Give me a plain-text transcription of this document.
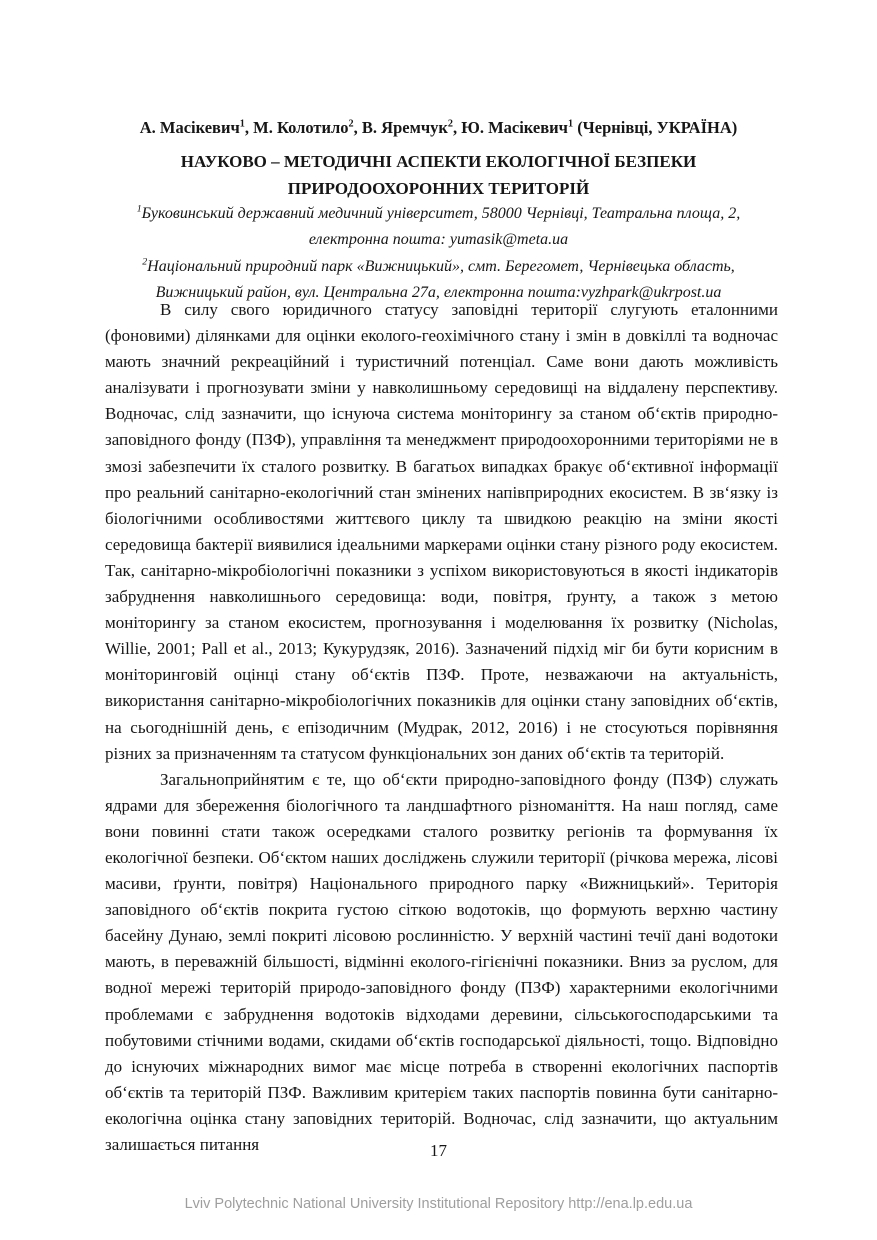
А. Масікевич$^1$, М. Колотило$^2$, В. Яремчук$^2$, Ю. Масікевич$^1$ (Чернівці, УКРАЇНА)

НАУКОВО – МЕТОДИЧНІ АСПЕКТИ ЕКОЛОГІЧНОЇ БЕЗПЕКИ
ПРИРОДООХОРОННИХ ТЕРИТОРІЙ
$^1$Буковинський державний медичний університет, 58000 Чернівці, Театральна площа, 2,
електронна пошта: yumasik@meta.ua
$^2$Національний природний парк «Вижницький», смт. Берегомет, Чернівецька область,
Вижницький район, вул. Центральна 27а, електронна пошта:vyzhpark@ukrpost.ua

В силу свого юридичного статусу заповідні території слугують еталонними (фоновими) ділянками для оцінки еколого-геохімічного стану і змін в довкіллі та водночас мають значний рекреаційний і туристичний потенціал. Саме вони дають можливість аналізувати і прогнозувати зміни у навколишньому середовищі на віддалену перспективу. Водночас, слід зазначити, що існуюча система моніторингу за станом об‘єктів природно-заповідного фонду (ПЗФ), управління та менеджмент природоохоронними територіями не в змозі забезпечити їх сталого розвитку. В багатьох випадках бракує об‘єктивної інформації про реальний санітарно-екологічний стан змінених напівприродних екосистем. В зв‘язку із біологічними особливостями життєвого циклу та швидкою реакцію на зміни якості середовища бактерії виявилися ідеальними маркерами оцінки стану різного роду екосистем. Так, санітарно-мікробіологічні показники з успіхом використовуються в якості індикаторів забруднення навколишнього середовища: води, повітря, ґрунту, а також з метою моніторингу за станом екосистем, прогнозування і моделювання їх розвитку (Nicholas, Willie, 2001; Pall et al., 2013; Кукурудзяк, 2016). Зазначений підхід міг би бути корисним в моніторинговій оцінці стану об‘єктів ПЗФ. Проте, незважаючи на актуальність, використання санітарно-мікробіологічних показників для оцінки стану заповідних об‘єктів, на сьогоднішній день, є епізодичним (Мудрак, 2012, 2016) і не стосуються порівняння різних за призначенням та статусом функціональних зон даних об‘єктів та територій.

Загальноприйнятим є те, що об‘єкти природно-заповідного фонду (ПЗФ) служать ядрами для збереження біологічного та ландшафтного різноманіття. На наш погляд, саме вони повинні стати також осередками сталого розвитку регіонів та формування їх екологічної безпеки. Об‘єктом наших досліджень служили території (річкова мережа, лісові масиви, ґрунти, повітря) Національного природного парку «Вижницький». Територія заповідного об‘єктів покрита густою сіткою водотоків, що формують верхню частину басейну Дунаю, землі покриті лісовою рослинністю. У верхній частині течії дані водотоки мають, в переважній більшості, відмінні еколого-гігієнічні показники. Вниз за руслом, для водної мережі територій природо-заповідного фонду (ПЗФ) характерними екологічними проблемами є забруднення водотоків відходами деревини, сільськогосподарськими та побутовими стічними водами, скидами об‘єктів господарської діяльності, тощо. Відповідно до існуючих міжнародних вимог має місце потреба в створенні екологічних паспортів об‘єктів та територій ПЗФ. Важливим критерієм таких паспортів повинна бути санітарно-екологічна оцінка стану заповідних територій. Водночас, слід зазначити, що актуальним залишається питання	17
Lviv Polytechnic National University Institutional Repository http://ena.lp.edu.ua
